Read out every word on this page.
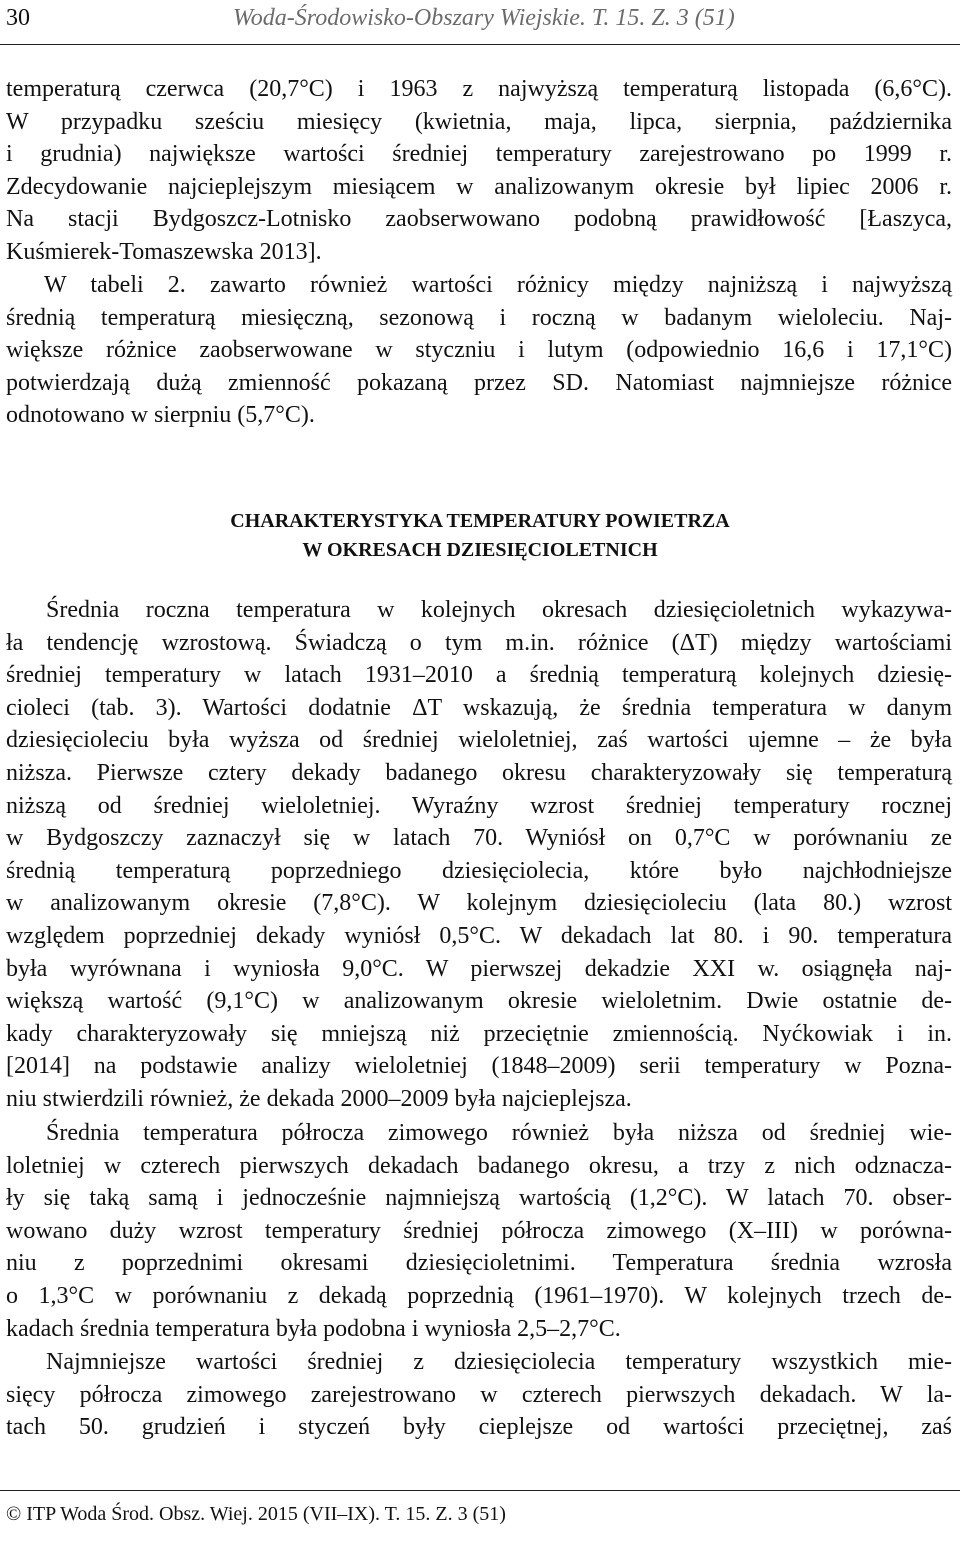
30	Woda-Środowisko-Obszary Wiejskie. T. 15. Z. 3 (51)
temperaturą czerwca (20,7°C) i 1963 z najwyższą temperaturą listopada (6,6°C).
W przypadku sześciu miesięcy (kwietnia, maja, lipca, sierpnia, października
i grudnia) największe wartości średniej temperatury zarejestrowano po 1999 r.
Zdecydowanie najcieplejszym miesiącem w analizowanym okresie był lipiec 2006 r.
Na stacji Bydgoszcz-Lotnisko zaobserwowano podobną prawidłowość [Łaszyca,
Kuśmierek-Tomaszewska 2013].
W tabeli 2. zawarto również wartości różnicy między najniższą i najwyższą
średnią temperaturą miesięczną, sezonową i roczną w badanym wieloleciu. Naj-
większe różnice zaobserwowane w styczniu i lutym (odpowiednio 16,6 i 17,1°C)
potwierdzają dużą zmienność pokazaną przez SD. Natomiast najmniejsze różnice
odnotowano w sierpniu (5,7°C).
CHARAKTERYSTYKA TEMPERATURY POWIETRZA
W OKRESACH DZIESIĘCIOLETNICH
Średnia roczna temperatura w kolejnych okresach dziesięcioletnich wykazywa-
ła tendencję wzrostową. Świadczą o tym m.in. różnice (ΔT) między wartościami
średniej temperatury w latach 1931–2010 a średnią temperaturą kolejnych dziesię-
cioleci (tab. 3). Wartości dodatnie ΔT wskazują, że średnia temperatura w danym
dziesięcioleciu była wyższa od średniej wieloletniej, zaś wartości ujemne – że była
niższa. Pierwsze cztery dekady badanego okresu charakteryzowały się temperaturą
niższą od średniej wieloletniej. Wyraźny wzrost średniej temperatury rocznej
w Bydgoszczy zaznaczył się w latach 70. Wyniósł on 0,7°C w porównaniu ze
średnią temperaturą poprzedniego dziesięciolecia, które było najchłodniejsze
w analizowanym okresie (7,8°C). W kolejnym dziesięcioleciu (lata 80.) wzrost
względem poprzedniej dekady wyniósł 0,5°C. W dekadach lat 80. i 90. temperatura
była wyrównana i wyniosła 9,0°C. W pierwszej dekadzie XXI w. osiągnęła naj-
większą wartość (9,1°C) w analizowanym okresie wieloletnim. Dwie ostatnie de-
kady charakteryzowały się mniejszą niż przeciętnie zmiennością. Nyćkowiak i in.
[2014] na podstawie analizy wieloletniej (1848–2009) serii temperatury w Pozna-
niu stwierdzili również, że dekada 2000–2009 była najcieplejsza.
Średnia temperatura półrocza zimowego również była niższa od średniej wie-
loletniej w czterech pierwszych dekadach badanego okresu, a trzy z nich odznacza-
ły się taką samą i jednocześnie najmniejszą wartością (1,2°C). W latach 70. obser-
wowano duży wzrost temperatury średniej półrocza zimowego (X–III) w porówna-
niu z poprzednimi okresami dziesięcioletnimi. Temperatura średnia wzrosła
o 1,3°C w porównaniu z dekadą poprzednią (1961–1970). W kolejnych trzech de-
kadach średnia temperatura była podobna i wyniosła 2,5–2,7°C.
Najmniejsze wartości średniej z dziesięciolecia temperatury wszystkich mie-
sięcy półrocza zimowego zarejestrowano w czterech pierwszych dekadach. W la-
tach 50. grudzień i styczeń były cieplejsze od wartości przeciętnej, zaś
© ITP Woda Środ. Obsz. Wiej. 2015 (VII–IX). T. 15. Z. 3 (51)
